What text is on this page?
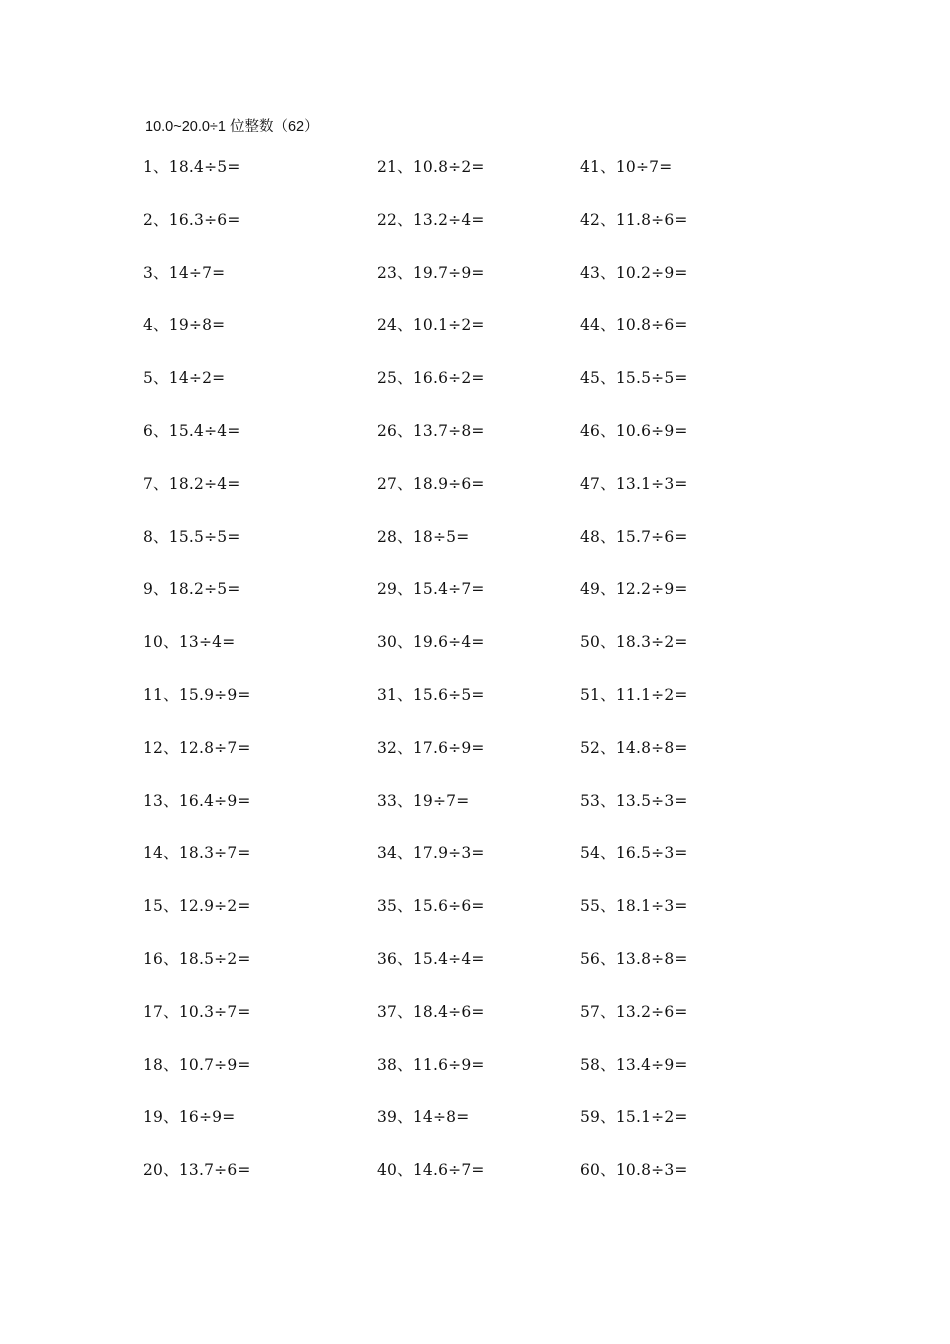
10.0~20.0÷1 位整数（62）
1、18.4÷5=
2、16.3÷6=
3、14÷7=
4、19÷8=
5、14÷2=
6、15.4÷4=
7、18.2÷4=
8、15.5÷5=
9、18.2÷5=
10、13÷4=
11、15.9÷9=
12、12.8÷7=
13、16.4÷9=
14、18.3÷7=
15、12.9÷2=
16、18.5÷2=
17、10.3÷7=
18、10.7÷9=
19、16÷9=
20、13.7÷6=
21、10.8÷2=
22、13.2÷4=
23、19.7÷9=
24、10.1÷2=
25、16.6÷2=
26、13.7÷8=
27、18.9÷6=
28、18÷5=
29、15.4÷7=
30、19.6÷4=
31、15.6÷5=
32、17.6÷9=
33、19÷7=
34、17.9÷3=
35、15.6÷6=
36、15.4÷4=
37、18.4÷6=
38、11.6÷9=
39、14÷8=
40、14.6÷7=
41、10÷7=
42、11.8÷6=
43、10.2÷9=
44、10.8÷6=
45、15.5÷5=
46、10.6÷9=
47、13.1÷3=
48、15.7÷6=
49、12.2÷9=
50、18.3÷2=
51、11.1÷2=
52、14.8÷8=
53、13.5÷3=
54、16.5÷3=
55、18.1÷3=
56、13.8÷8=
57、13.2÷6=
58、13.4÷9=
59、15.1÷2=
60、10.8÷3=
